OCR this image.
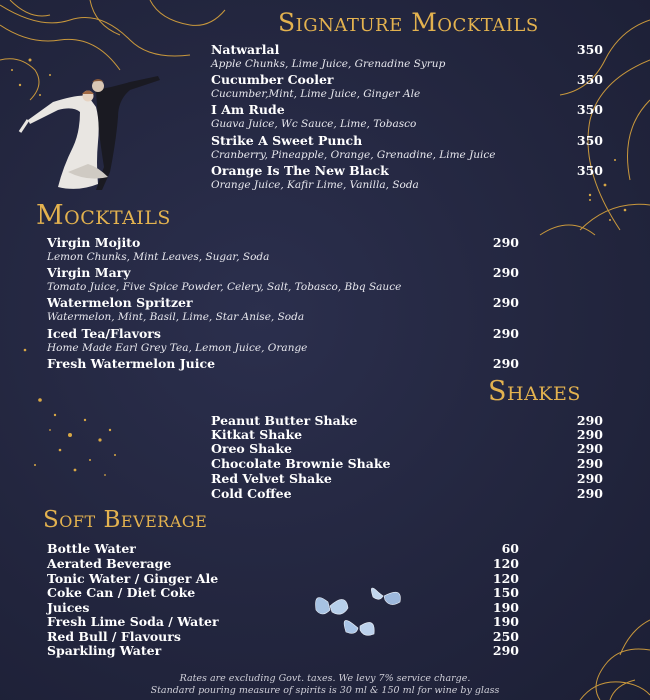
Signature Mocktails
Natwarlal
Apple Chunks, Lime Juice, Grenadine Syrup
350
Cucumber Cooler
Cucumber,Mint, Lime Juice, Ginger Ale
350
I Am Rude
Guava Juice, Wc Sauce, Lime, Tobasco
350
Strike A Sweet Punch
Cranberry, Pineapple, Orange, Grenadine, Lime Juice
350
Orange Is The New Black
Orange Juice, Kafir Lime, Vanilla, Soda
350
Mocktails
Virgin Mojito
Lemon Chunks, Mint Leaves, Sugar, Soda
290
Virgin Mary
Tomato Juice, Five Spice Powder, Celery, Salt, Tobasco, Bbq Sauce
290
Watermelon Spritzer
Watermelon, Mint, Basil, Lime, Star Anise, Soda
290
Iced Tea/Flavors
Home Made Earl Grey Tea, Lemon Juice, Orange
290
Fresh Watermelon Juice	290
Shakes
Peanut Butter Shake	290
Kitkat Shake	290
Oreo Shake	290
Chocolate Brownie Shake	290
Red Velvet Shake	290
Cold Coffee	290
Soft Beverage
Bottle Water	60
Aerated Beverage	120
Tonic Water / Ginger Ale	120
Coke Can / Diet Coke	150
Juices	190
Fresh Lime Soda / Water	190
Red Bull / Flavours	250
Sparkling Water	290
Rates are excluding Govt. taxes. We levy 7% service charge.
Standard pouring measure of spirits is 30 ml & 150 ml for wine by glass
